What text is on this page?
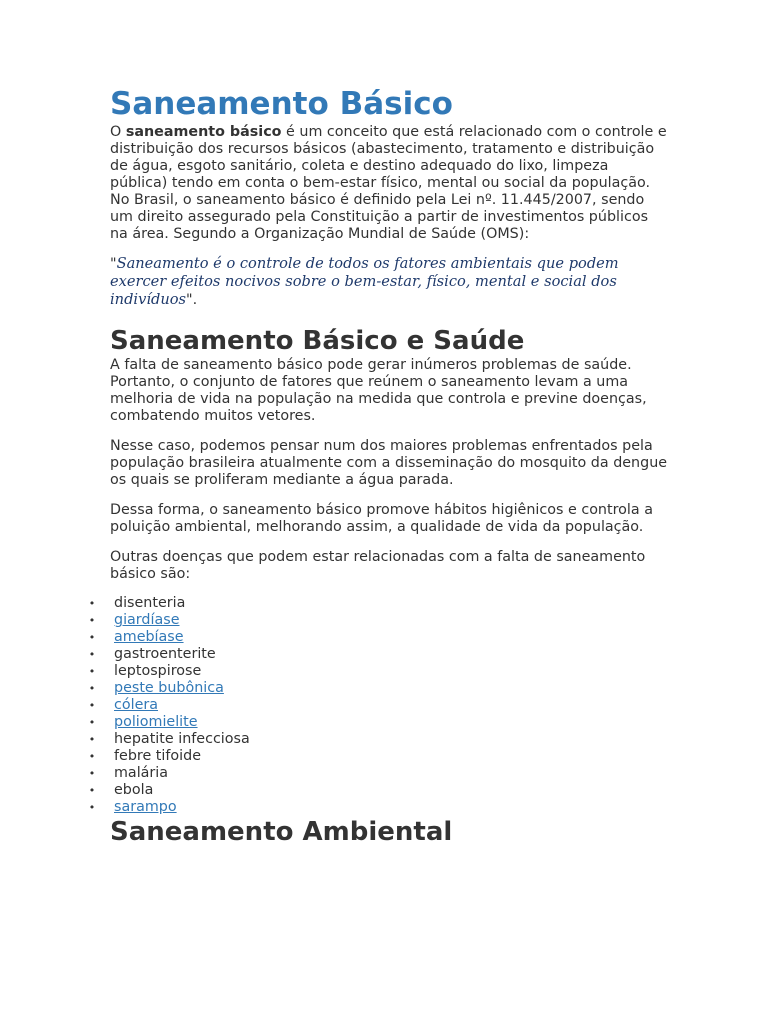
Saneamento Básico

O saneamento básico é um conceito que está relacionado com o controle e distribuição dos recursos básicos (abastecimento, tratamento e distribuição de água, esgoto sanitário, coleta e destino adequado do lixo, limpeza pública) tendo em conta o bem-estar físico, mental ou social da população.

No Brasil, o saneamento básico é definido pela Lei nº. 11.445/2007, sendo um direito assegurado pela Constituição a partir de investimentos públicos na área. Segundo a Organização Mundial de Saúde (OMS):

"Saneamento é o controle de todos os fatores ambientais que podem exercer efeitos nocivos sobre o bem-estar, físico, mental e social dos indivíduos".

Saneamento Básico e Saúde

A falta de saneamento básico pode gerar inúmeros problemas de saúde. Portanto, o conjunto de fatores que reúnem o saneamento levam a uma melhoria de vida na população na medida que controla e previne doenças, combatendo muitos vetores.

Nesse caso, podemos pensar num dos maiores problemas enfrentados pela população brasileira atualmente com a disseminação do mosquito da dengue os quais se proliferam mediante a água parada.

Dessa forma, o saneamento básico promove hábitos higiênicos e controla a poluição ambiental, melhorando assim, a qualidade de vida da população.

Outras doenças que podem estar relacionadas com a falta de saneamento básico são:

• disenteria
• giardíase
• amebíase
• gastroenterite
• leptospirose
• peste bubônica
• cólera
• poliomielite
• hepatite infecciosa
• febre tifoide
• malária
• ebola
• sarampo
Saneamento Ambiental
